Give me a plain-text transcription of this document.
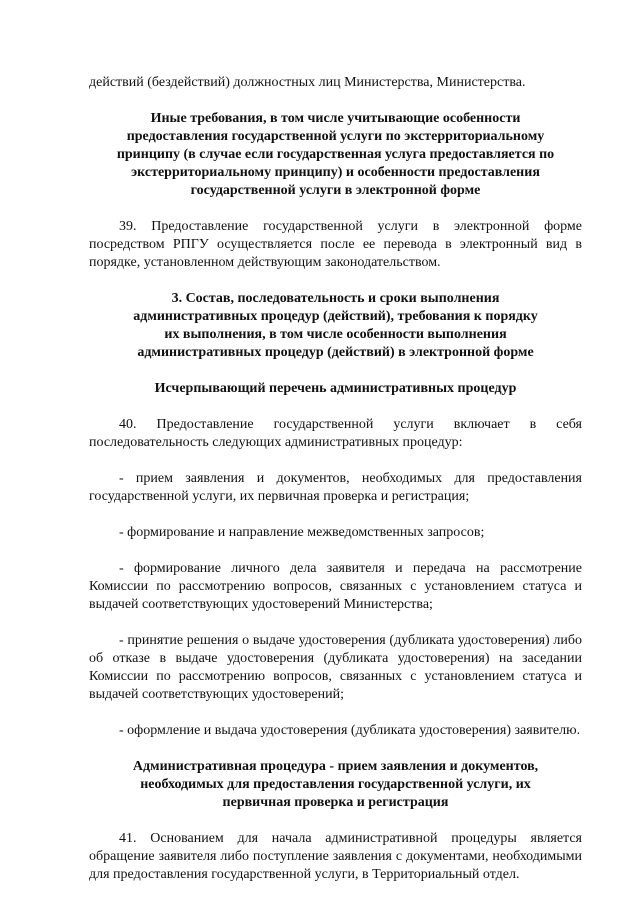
действий (бездействий) должностных лиц Министерства, Министерства.

Иные требования, в том числе учитывающие особенности
предоставления государственной услуги по экстерриториальному
принципу (в случае если государственная услуга предоставляется по
экстерриториальному принципу) и особенности предоставления
государственной услуги в электронной форме

39. Предоставление государственной услуги в электронной форме посредством РПГУ осуществляется после ее перевода в электронный вид в порядке, установленном действующим законодательством.

3. Состав, последовательность и сроки выполнения
административных процедур (действий), требования к порядку
их выполнения, в том числе особенности выполнения
административных процедур (действий) в электронной форме

Исчерпывающий перечень административных процедур

40. Предоставление государственной услуги включает в себя последовательность следующих административных процедур:

- прием заявления и документов, необходимых для предоставления государственной услуги, их первичная проверка и регистрация;

- формирование и направление межведомственных запросов;

- формирование личного дела заявителя и передача на рассмотрение Комиссии по рассмотрению вопросов, связанных с установлением статуса и выдачей соответствующих удостоверений Министерства;

- принятие решения о выдаче удостоверения (дубликата удостоверения) либо об отказе в выдаче удостоверения (дубликата удостоверения) на заседании Комиссии по рассмотрению вопросов, связанных с установлением статуса и выдачей соответствующих удостоверений;

- оформление и выдача удостоверения (дубликата удостоверения) заявителю.

Административная процедура - прием заявления и документов,
необходимых для предоставления государственной услуги, их
первичная проверка и регистрация

41. Основанием для начала административной процедуры является обращение заявителя либо поступление заявления с документами, необходимыми для предоставления государственной услуги, в Территориальный отдел.
